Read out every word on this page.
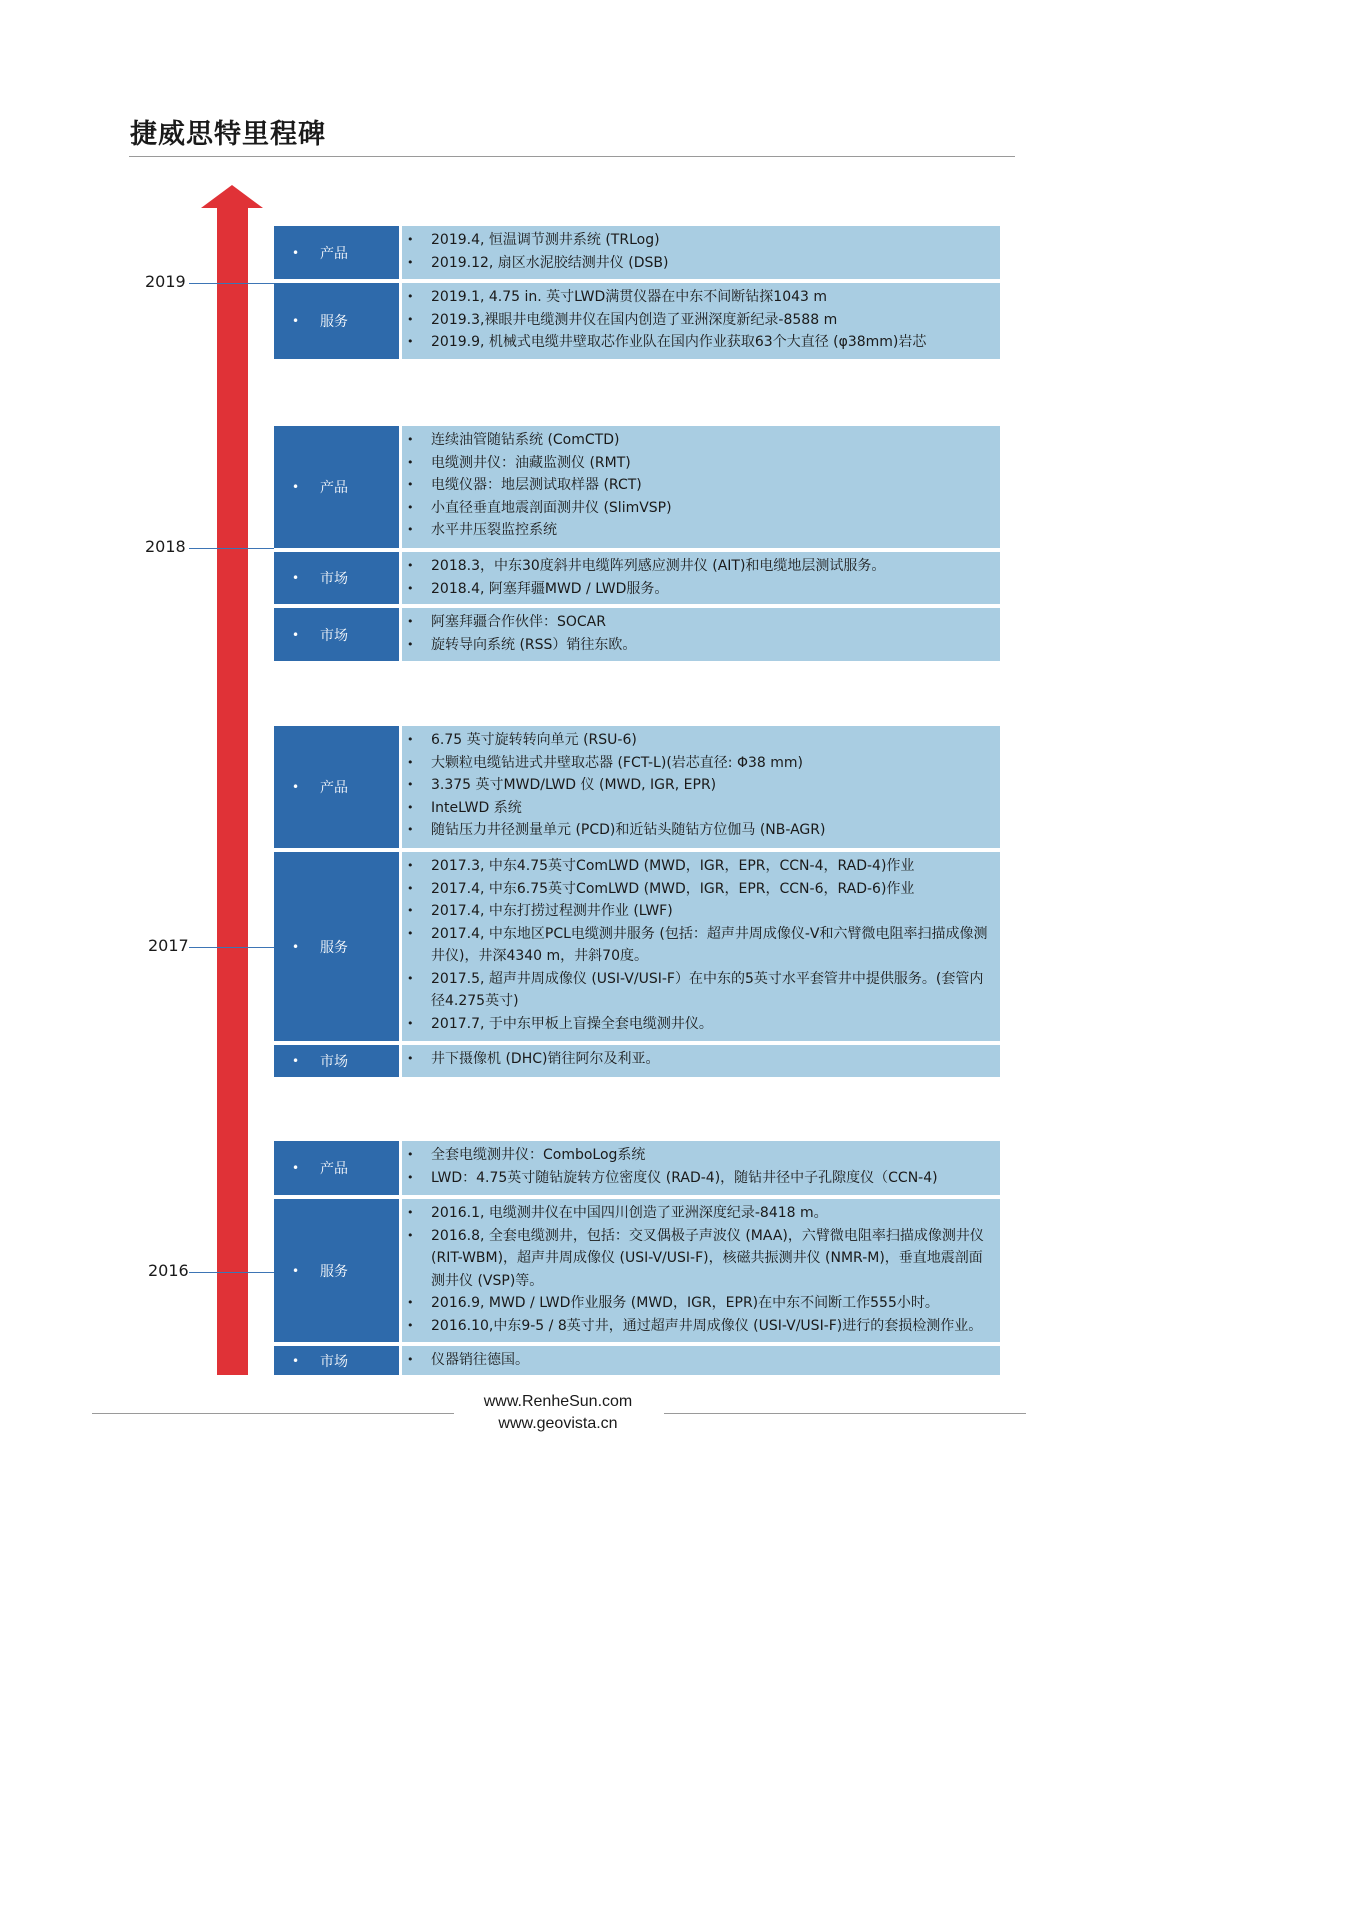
捷威思特里程碑
2019
2018
2017
2016
•	产品
• 2019.4, 恒温调节测井系统 (TRLog)
• 2019.12, 扇区水泥胶结测井仪 (DSB)
•	服务
• 2019.1, 4.75 in. 英寸LWD满贯仪器在中东不间断钻探1043 m
• 2019.3,裸眼井电缆测井仪在国内创造了亚洲深度新纪录-8588 m
• 2019.9, 机械式电缆井壁取芯作业队在国内作业获取63个大直径 (φ38mm)岩芯
•	产品
• 连续油管随钻系统 (ComCTD)
• 电缆测井仪：油藏监测仪 (RMT)
• 电缆仪器：地层测试取样器 (RCT)
• 小直径垂直地震剖面测井仪 (SlimVSP)
• 水平井压裂监控系统
•	市场
• 2018.3，中东30度斜井电缆阵列感应测井仪 (AIT)和电缆地层测试服务。
• 2018.4, 阿塞拜疆MWD / LWD服务。
•	市场
• 阿塞拜疆合作伙伴：SOCAR
• 旋转导向系统 (RSS）销往东欧。
•	产品
• 6.75 英寸旋转转向单元 (RSU-6)
• 大颗粒电缆钻进式井壁取芯器 (FCT-L)(岩芯直径: Φ38 mm)
• 3.375 英寸MWD/LWD 仪 (MWD, IGR, EPR)
• InteLWD 系统
• 随钻压力井径测量单元 (PCD)和近钻头随钻方位伽马 (NB-AGR)
•	服务
• 2017.3, 中东4.75英寸ComLWD (MWD，IGR，EPR，CCN-4，RAD-4)作业
• 2017.4, 中东6.75英寸ComLWD (MWD，IGR，EPR，CCN-6，RAD-6)作业
• 2017.4, 中东打捞过程测井作业 (LWF)
• 2017.4, 中东地区PCL电缆测井服务 (包括：超声井周成像仪-V和六臂微电阻率扫描成像测井仪)，井深4340 m，井斜70度。
• 2017.5, 超声井周成像仪 (USI-V/USI-F）在中东的5英寸水平套管井中提供服务。(套管内径4.275英寸)
• 2017.7, 于中东甲板上盲操全套电缆测井仪。
•	市场	• 井下摄像机 (DHC)销往阿尔及利亚。
•	产品
• 全套电缆测井仪：ComboLog系统
• LWD：4.75英寸随钻旋转方位密度仪 (RAD-4)，随钻井径中子孔隙度仪（CCN-4)
•	服务
• 2016.1, 电缆测井仪在中国四川创造了亚洲深度纪录-8418 m。
• 2016.8, 全套电缆测井，包括：交叉偶极子声波仪 (MAA)，六臂微电阻率扫描成像测井仪 (RIT-WBM)，超声井周成像仪 (USI-V/USI-F)，核磁共振测井仪 (NMR-M)，垂直地震剖面测井仪 (VSP)等。
• 2016.9, MWD / LWD作业服务 (MWD，IGR，EPR)在中东不间断工作555小时。
• 2016.10,中东9-5 / 8英寸井，通过超声井周成像仪 (USI-V/USI-F)进行的套损检测作业。
•	市场	• 仪器销往德国。
www.RenheSun.com
www.geovista.cn
